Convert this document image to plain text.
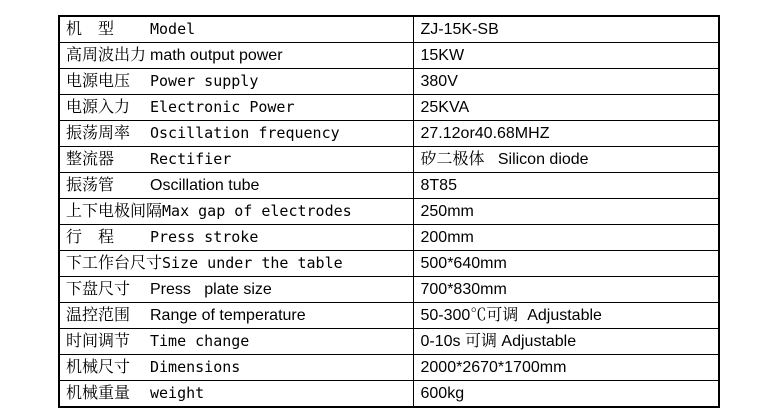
机　型 Model	ZJ-15K-SB
高周波出力 math output power	15KW
电源电压 Power supply	380V
电源入力 Electronic Power	25KVA
振荡周率 Oscillation frequency	27.12or40.68MHZ
整流器 Rectifier	矽二极体   Silicon diode
振荡管 Oscillation tube	8T85
上下电极间隔Max gap of electrodes	250mm
行　程 Press stroke	200mm
下工作台尺寸Size under the table	500*640mm
下盘尺寸 Press   plate size	700*830mm
温控范围 Range of temperature	50-300℃可调  Adjustable
时间调节 Time change	0-10s 可调 Adjustable
机械尺寸 Dimensions	2000*2670*1700mm
机械重量 weight	600kg
